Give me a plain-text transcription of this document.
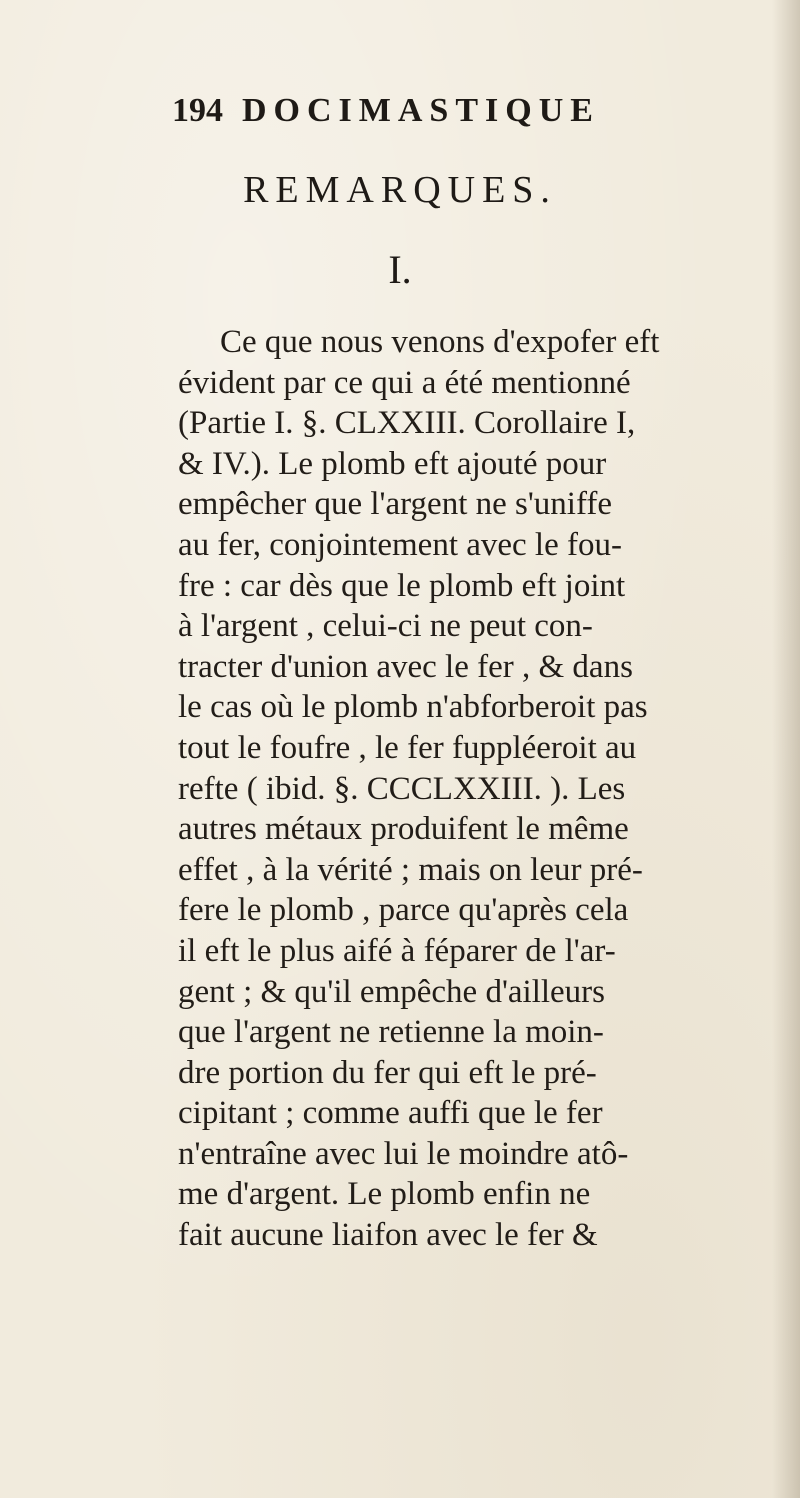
194 DOCIMASTIQUE
REMARQUES.
I.
Ce que nous venons d'expofer eft
évident par ce qui a été mentionné
(Partie I. §. CLXXIII. Corollaire I,
& IV.). Le plomb eft ajouté pour
empêcher que l'argent ne s'uniffe
au fer, conjointement avec le fou-
fre : car dès que le plomb eft joint
à l'argent , celui-ci ne peut con-
tracter d'union avec le fer , & dans
le cas où le plomb n'abforberoit pas
tout le foufre , le fer fuppléeroit au
refte ( ibid. §. CCCLXXIII. ). Les
autres métaux produifent le même
effet , à la vérité ; mais on leur pré-
fere le plomb , parce qu'après cela
il eft le plus aifé à féparer de l'ar-
gent ; & qu'il empêche d'ailleurs
que l'argent ne retienne la moin-
dre portion du fer qui eft le pré-
cipitant ; comme auffi que le fer
n'entraîne avec lui le moindre atô-
me d'argent. Le plomb enfin ne
fait aucune liaifon avec le fer &
